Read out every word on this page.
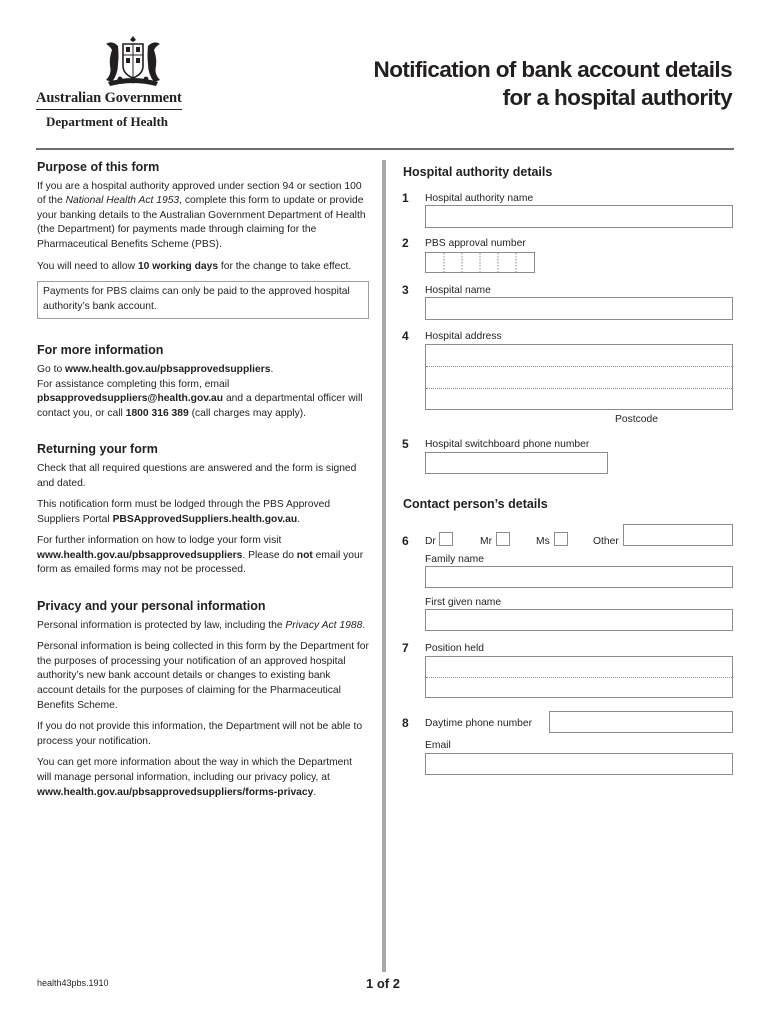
Australian Government
Department of Health
Notification of bank account details
for a hospital authority
Purpose of this form

If you are a hospital authority approved under section 94 or section 100 of the National Health Act 1953, complete this form to update or provide your banking details to the Australian Government Department of Health (the Department) for payments made through claiming for the Pharmaceutical Benefits Scheme (PBS).

You will need to allow 10 working days for the change to take effect.

Payments for PBS claims can only be paid to the approved hospital authority’s bank account.
For more information

Go to www.health.gov.au/pbsapprovedsuppliers.
For assistance completing this form, email pbsapprovedsuppliers@health.gov.au and a departmental officer will contact you, or call 1800 316 389 (call charges may apply).

Returning your form

Check that all required questions are answered and the form is signed and dated.

This notification form must be lodged through the PBS Approved Suppliers Portal PBSApprovedSuppliers.health.gov.au.

For further information on how to lodge your form visit www.health.gov.au/pbsapprovedsuppliers. Please do not email your form as emailed forms may not be processed.

Privacy and your personal information

Personal information is protected by law, including the Privacy Act 1988.

Personal information is being collected in this form by the Department for the purposes of processing your notification of an approved hospital authority’s new bank account details or changes to existing bank account details for the purposes of claiming for the Pharmaceutical Benefits Scheme.

If you do not provide this information, the Department will not be able to process your notification.

You can get more information about the way in which the Department will manage personal information, including our privacy policy, at www.health.gov.au/pbsapprovedsuppliers/forms-privacy.

Hospital authority details
1	Hospital authority name
2	PBS approval number
3	Hospital name
4	Hospital address
Postcode
5	Hospital switchboard phone number
Contact person’s details
6	Dr	Mr	Ms	Other
Family name
First given name
7	Position held
8	Daytime phone number
Email
health43pbs.1910	1 of 2
